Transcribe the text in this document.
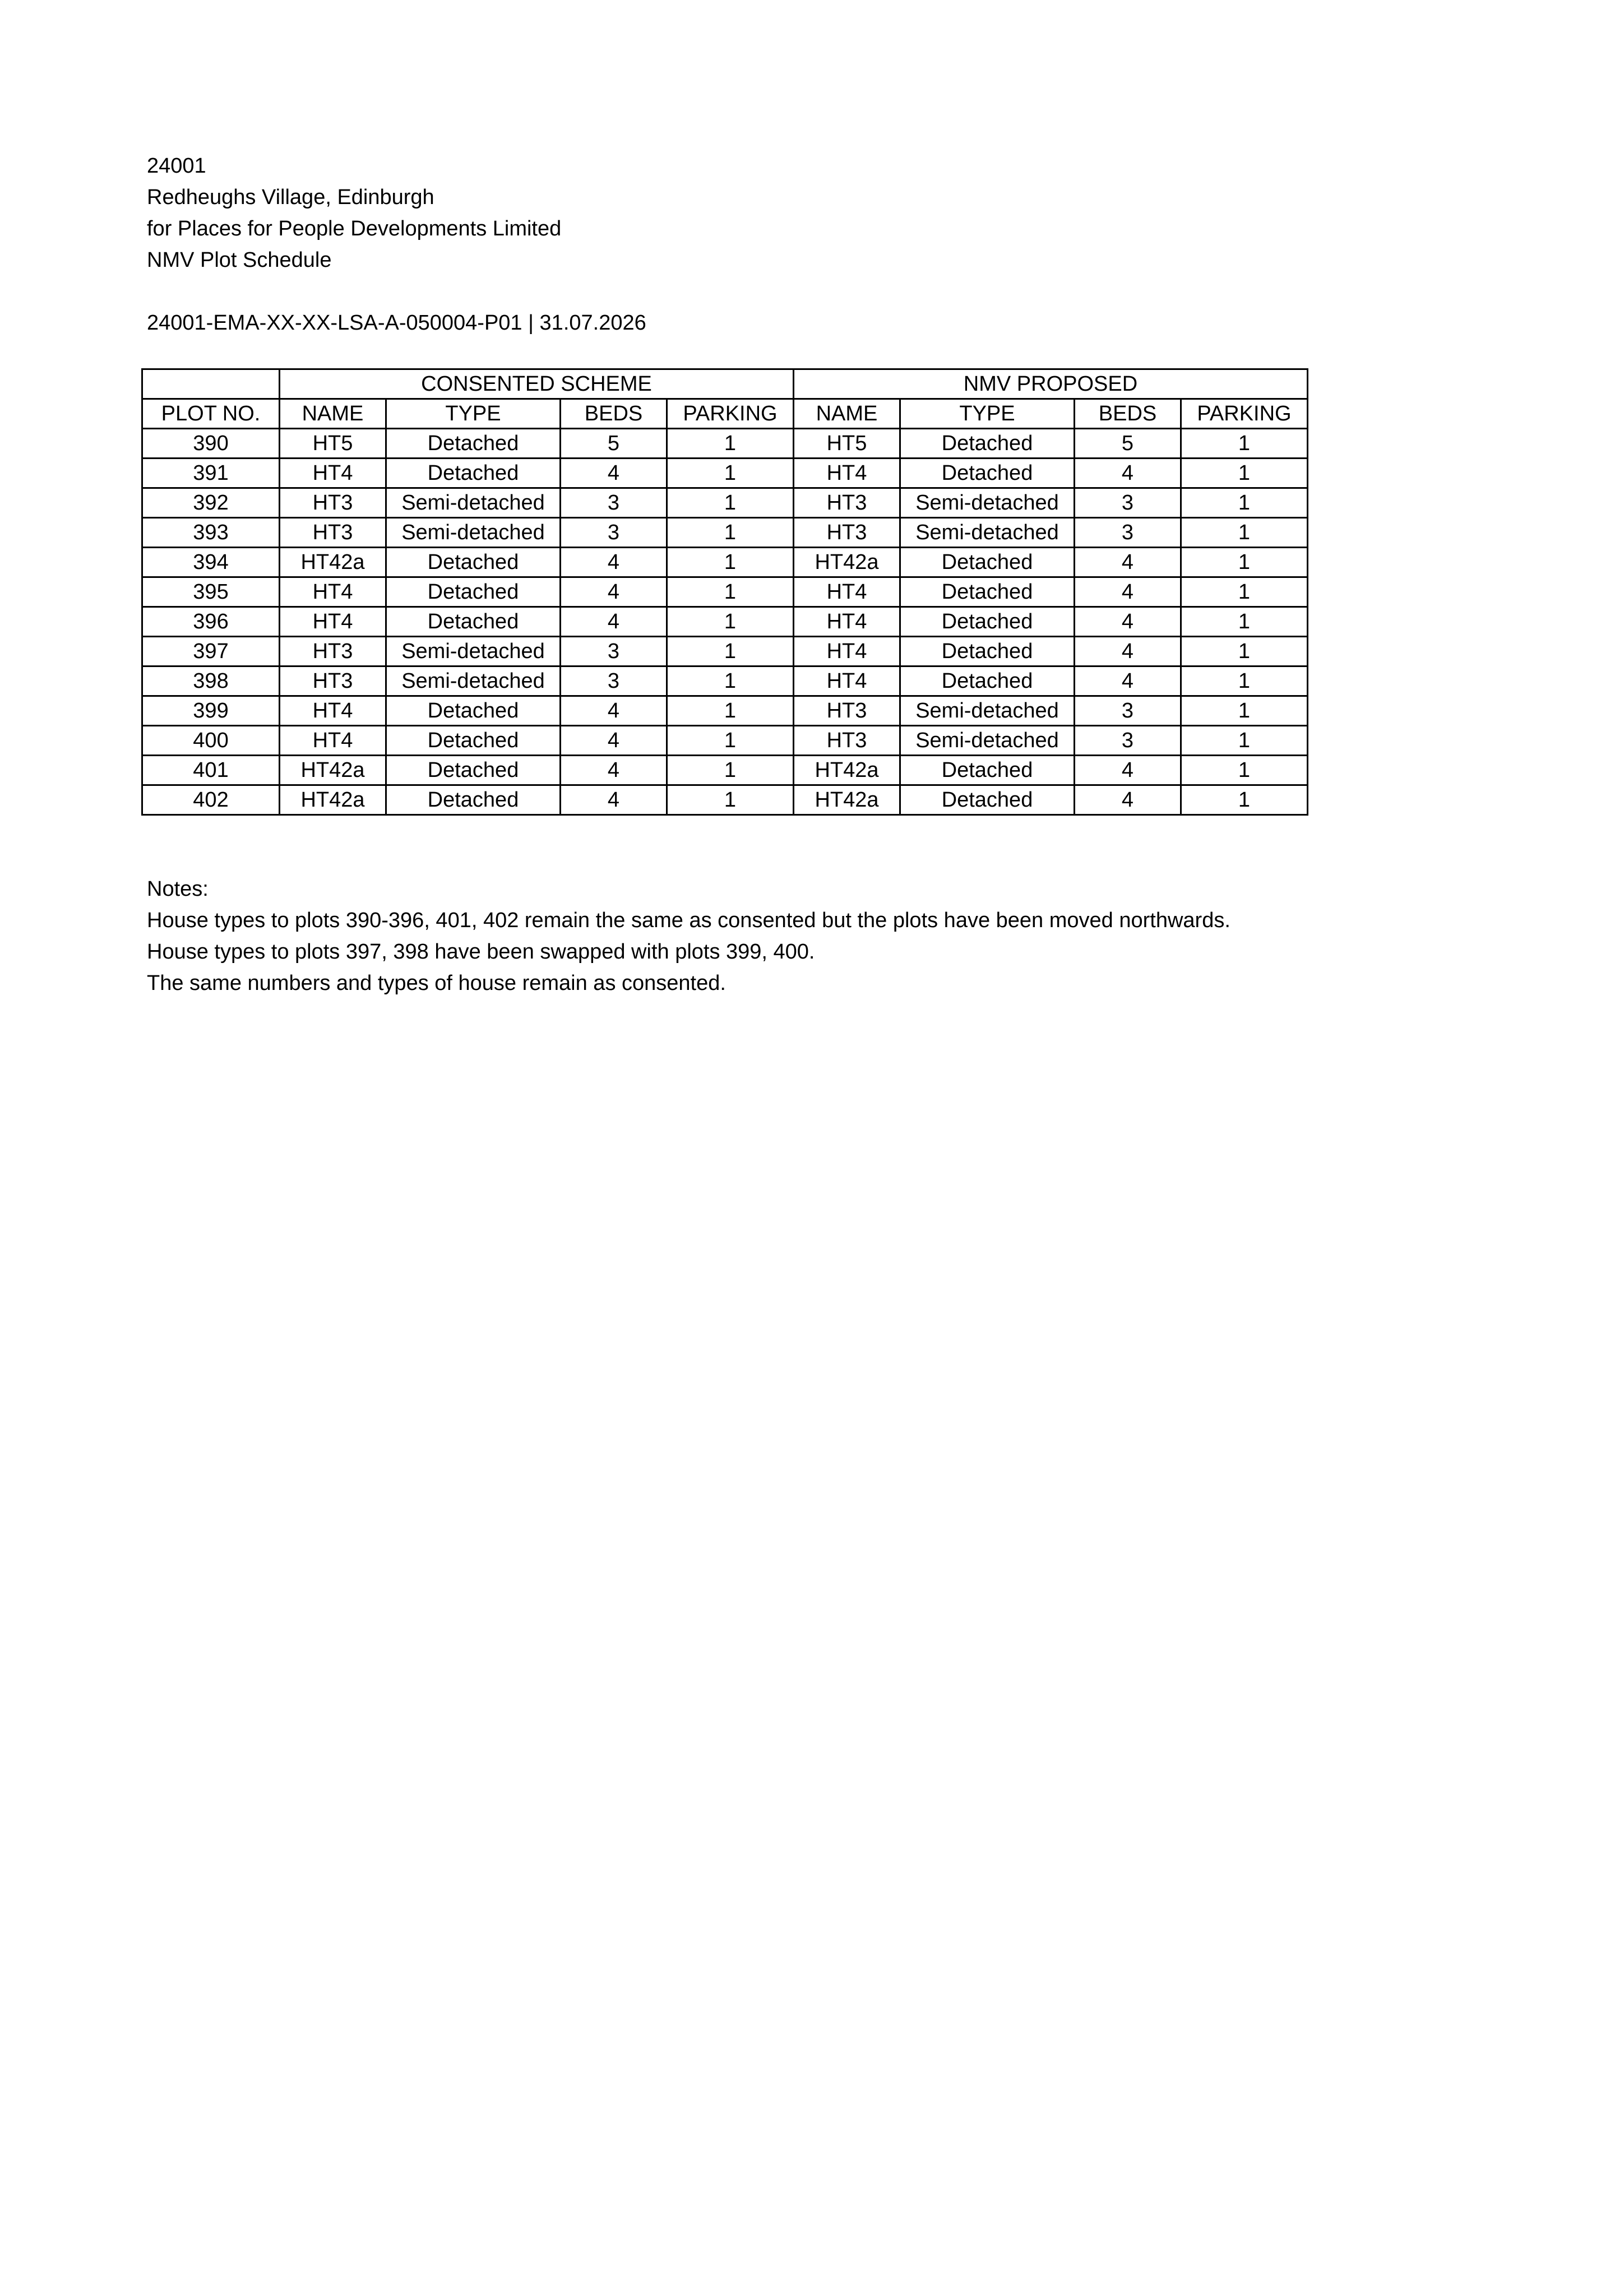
24001
Redheughs Village, Edinburgh
for Places for People Developments Limited
NMV Plot Schedule
24001-EMA-XX-XX-LSA-A-050004-P01 | 31.07.2026
	CONSENTED SCHEME				NMV PROPOSED			
PLOT NO.	NAME	TYPE	BEDS	PARKING	NAME	TYPE	BEDS	PARKING
390	HT5	Detached	5	1	HT5	Detached	5	1
391	HT4	Detached	4	1	HT4	Detached	4	1
392	HT3	Semi-detached	3	1	HT3	Semi-detached	3	1
393	HT3	Semi-detached	3	1	HT3	Semi-detached	3	1
394	HT42a	Detached	4	1	HT42a	Detached	4	1
395	HT4	Detached	4	1	HT4	Detached	4	1
396	HT4	Detached	4	1	HT4	Detached	4	1
397	HT3	Semi-detached	3	1	HT4	Detached	4	1
398	HT3	Semi-detached	3	1	HT4	Detached	4	1
399	HT4	Detached	4	1	HT3	Semi-detached	3	1
400	HT4	Detached	4	1	HT3	Semi-detached	3	1
401	HT42a	Detached	4	1	HT42a	Detached	4	1
402	HT42a	Detached	4	1	HT42a	Detached	4	1
Notes:
House types to plots 390-396, 401, 402 remain the same as consented but the plots have been moved northwards.
House types to plots 397, 398 have been swapped with plots 399, 400.
The same numbers and types of house remain as consented.
